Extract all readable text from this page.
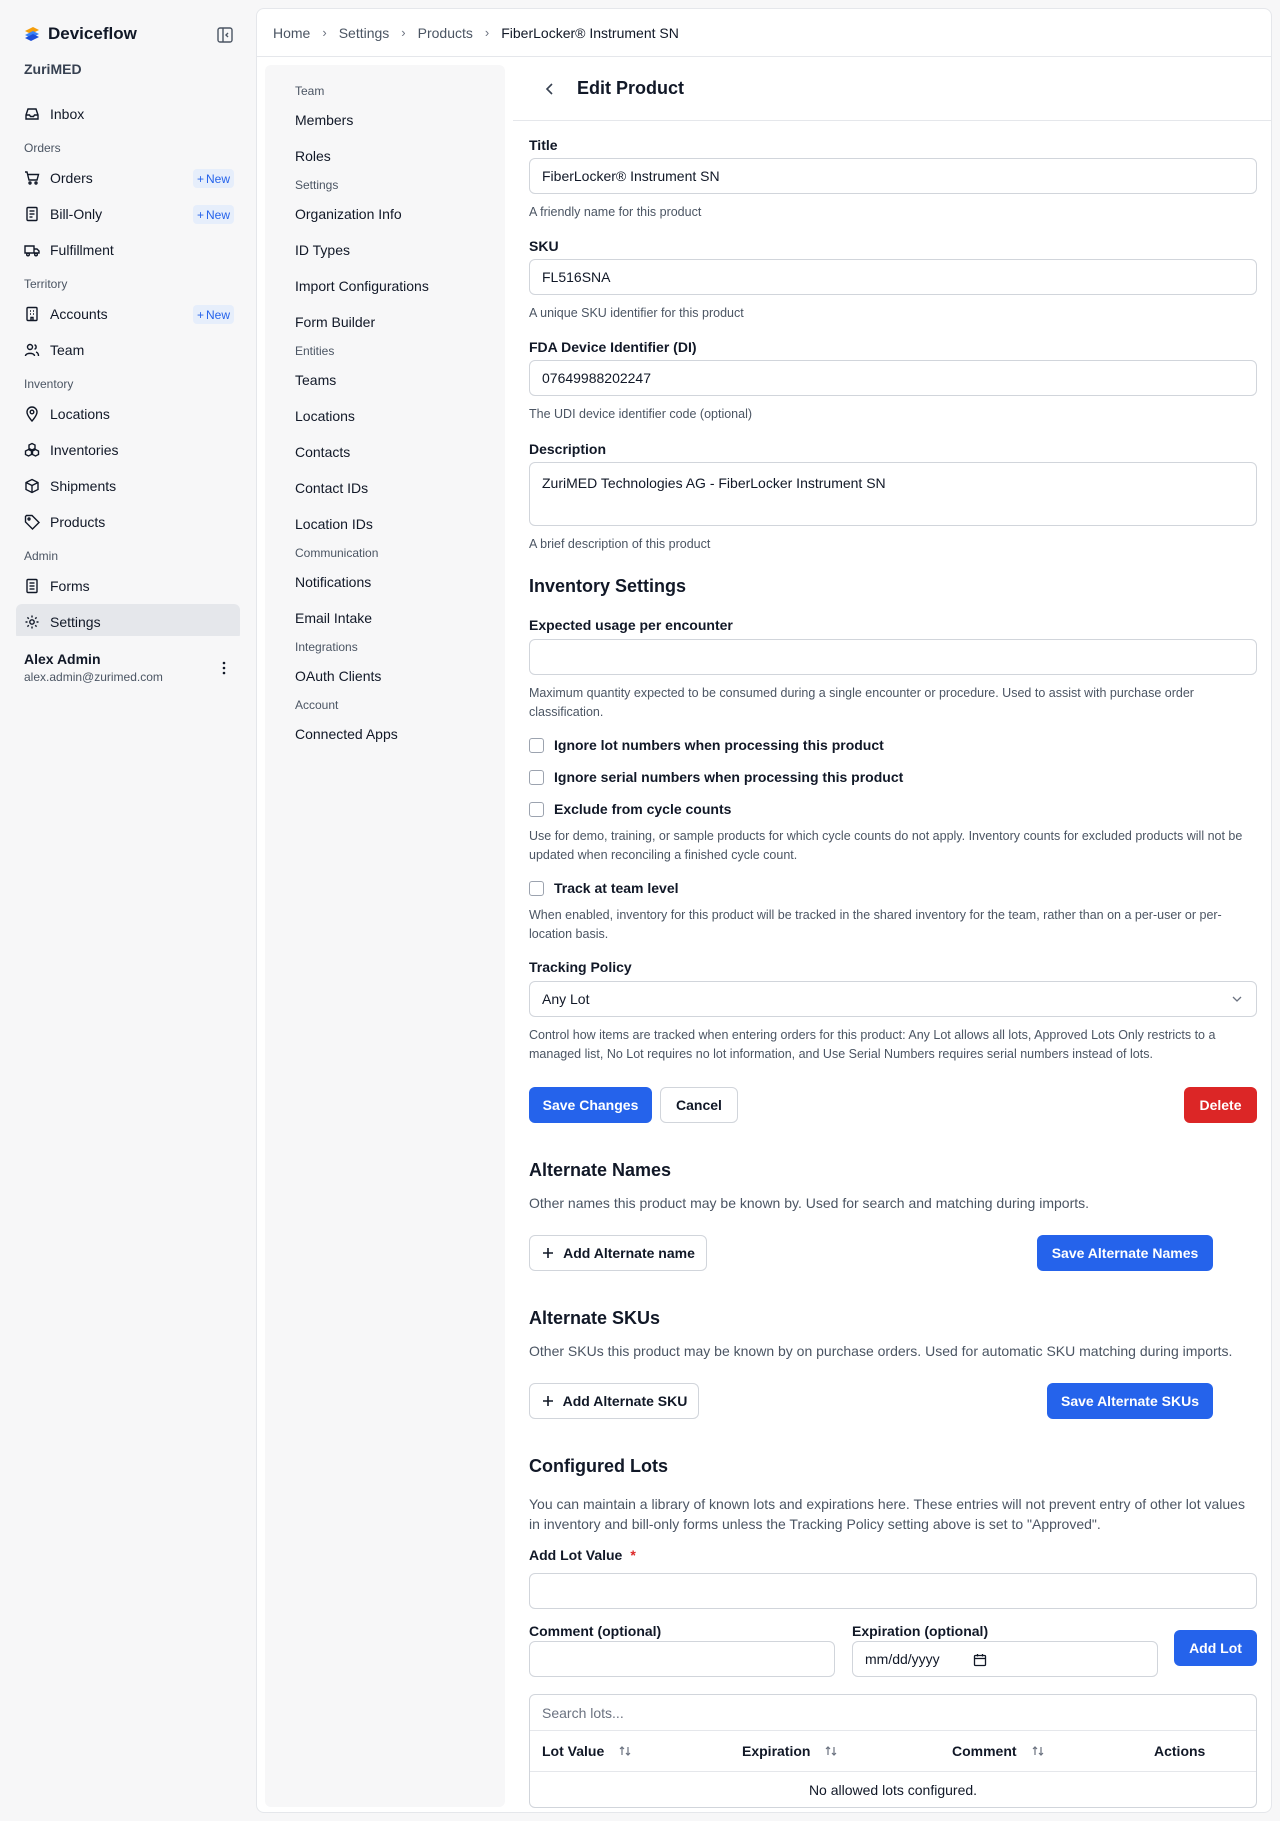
Deviceflow
ZuriMED
Inbox
Orders
Orders	+ New
Bill-Only	+ New
Fulfillment
Territory
Accounts	+ New
Team
Inventory
Locations
Inventories
Shipments
Products
Admin
Forms
Settings
Alex Admin
alex.admin@zurimed.com
Home › Settings › Products › FiberLocker® Instrument SN
Team
Members
Roles
Settings
Organization Info
ID Types
Import Configurations
Form Builder
Entities
Teams
Locations
Contacts
Contact IDs
Location IDs
Communication
Notifications
Email Intake
Integrations
OAuth Clients
Account
Connected Apps
Edit Product
Title
FiberLocker® Instrument SN
A friendly name for this product
SKU
FL516SNA
A unique SKU identifier for this product
FDA Device Identifier (DI)
07649988202247
The UDI device identifier code (optional)
Description
ZuriMED Technologies AG - FiberLocker Instrument SN
A brief description of this product
Inventory Settings
Expected usage per encounter
Maximum quantity expected to be consumed during a single encounter or procedure. Used to assist with purchase order classification.
Ignore lot numbers when processing this product
Ignore serial numbers when processing this product
Exclude from cycle counts
Use for demo, training, or sample products for which cycle counts do not apply. Inventory counts for excluded products will not be updated when reconciling a finished cycle count.
Track at team level
When enabled, inventory for this product will be tracked in the shared inventory for the team, rather than on a per-user or per-location basis.
Tracking Policy
Any Lot
Control how items are tracked when entering orders for this product: Any Lot allows all lots, Approved Lots Only restricts to a managed list, No Lot requires no lot information, and Use Serial Numbers requires serial numbers instead of lots.
Save Changes	Cancel	Delete
Alternate Names
Other names this product may be known by. Used for search and matching during imports.
Add Alternate name	Save Alternate Names
Alternate SKUs
Other SKUs this product may be known by on purchase orders. Used for automatic SKU matching during imports.
Add Alternate SKU	Save Alternate SKUs
Configured Lots
You can maintain a library of known lots and expirations here. These entries will not prevent entry of other lot values in inventory and bill-only forms unless the Tracking Policy setting above is set to "Approved".
Add Lot Value *
Comment (optional)	Expiration (optional)
mm/dd/yyyy
Add Lot
Search lots...
Lot Value	Expiration	Comment	Actions
No allowed lots configured.
